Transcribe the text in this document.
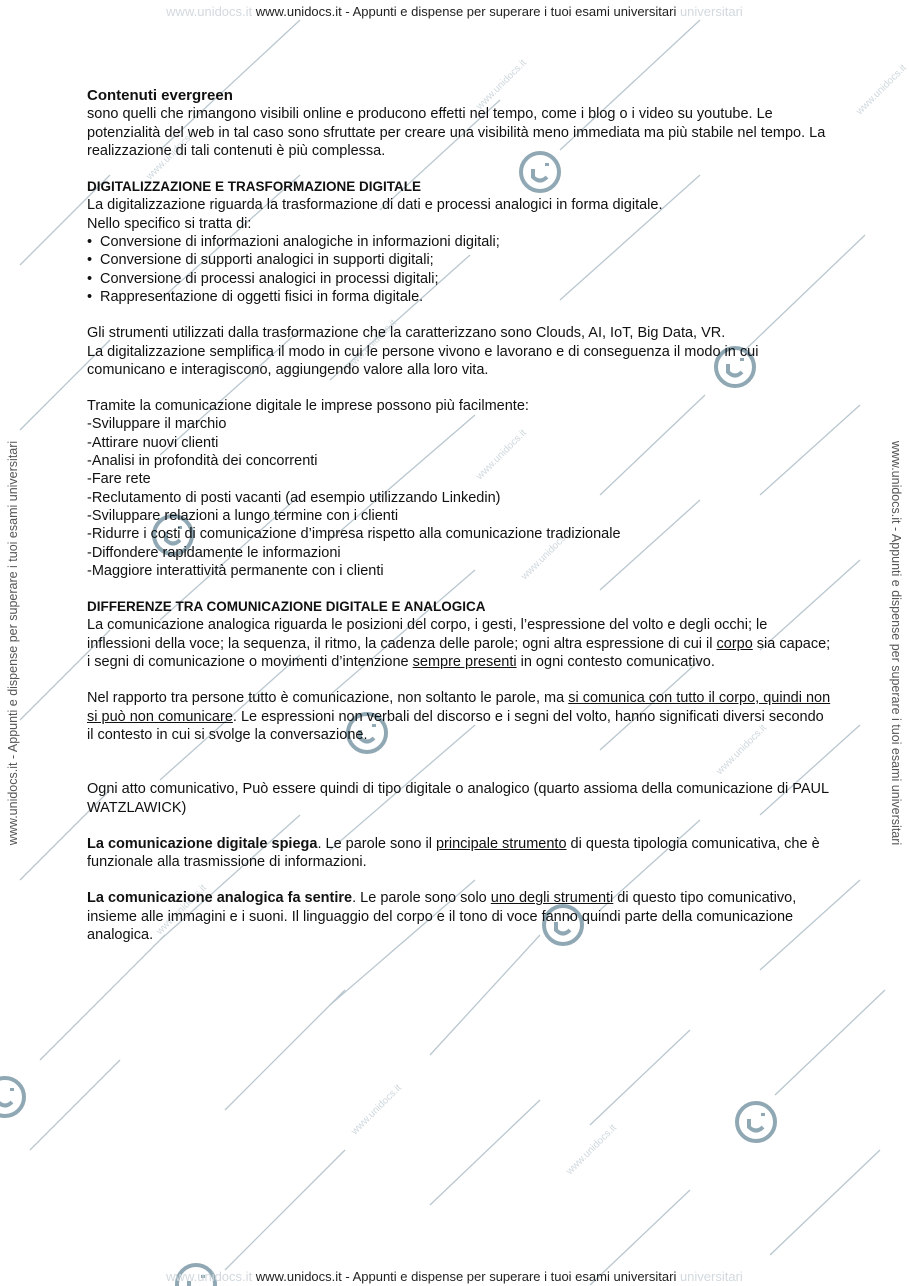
www.unidocs.it
www.unidocs.it
www.unidocs.it
www.unidocs.it
www.unidocs.it
www.unidocs.it
www.unidocs.it
www.unidocs.it
www.unidocs.it
www.unidocs.it
www.unidocs.it www.unidocs.it - Appunti e dispense per superare i tuoi esami universitari universitari
www.unidocs.it - Appunti e dispense per superare i tuoi esami universitari	www.unidocs.it - Appunti e dispense per superare i tuoi esami universitari

Contenuti evergreen

sono quelli che rimangono visibili online e producono effetti nel tempo, come i blog o i video su youtube. Le potenzialità del web in tal caso sono sfruttate per creare una visibilità meno immediata ma più stabile nel tempo. La realizzazione di tali contenuti è più complessa.

DIGITALIZZAZIONE E TRASFORMAZIONE DIGITALE

La digitalizzazione riguarda la trasformazione di dati e processi analogici in forma digitale.

Nello specifico si tratta di:

• Conversione di informazioni analogiche in informazioni digitali;
• Conversione di supporti analogici in supporti digitali;
• Conversione di processi analogici in processi digitali;
• Rappresentazione di oggetti fisici in forma digitale.

Gli strumenti utilizzati dalla trasformazione che la caratterizzano sono Clouds, AI, IoT, Big Data, VR.

La digitalizzazione semplifica il modo in cui le persone vivono e lavorano e di conseguenza il modo in cui comunicano e interagiscono, aggiungendo valore alla loro vita.

Tramite la comunicazione digitale le imprese possono più facilmente:

-Sviluppare il marchio
-Attirare nuovi clienti
-Analisi in profondità dei concorrenti
-Fare rete
-Reclutamento di posti vacanti (ad esempio utilizzando Linkedin)
-Sviluppare relazioni a lungo termine con i clienti
-Ridurre i costi di comunicazione d’impresa rispetto alla comunicazione tradizionale
-Diffondere rapidamente le informazioni
-Maggiore interattività permanente con i clienti

DIFFERENZE TRA COMUNICAZIONE DIGITALE E ANALOGICA

La comunicazione analogica riguarda le posizioni del corpo, i gesti, l’espressione del volto e degli occhi; le inflessioni della voce; la sequenza, il ritmo, la cadenza delle parole; ogni altra espressione di cui il corpo sia capace; i segni di comunicazione o movimenti d’intenzione sempre presenti in ogni contesto comunicativo.

Nel rapporto tra persone tutto è comunicazione, non soltanto le parole, ma si comunica con tutto il corpo, quindi non si può non comunicare. Le espressioni non verbali del discorso e i segni del volto, hanno significati diversi secondo il contesto in cui si svolge la conversazione.

Ogni atto comunicativo, Può essere quindi di tipo digitale o analogico (quarto assioma della comunicazione di PAUL WATZLAWICK)

La comunicazione digitale spiega. Le parole sono il principale strumento di questa tipologia comunicativa, che è funzionale alla trasmissione di informazioni.

La comunicazione analogica fa sentire. Le parole sono solo uno degli strumenti di questo tipo comunicativo, insieme alle immagini e i suoni. Il linguaggio del corpo e il tono di voce fanno quindi parte della comunicazione analogica.

www.unidocs.it www.unidocs.it - Appunti e dispense per superare i tuoi esami universitari universitari
